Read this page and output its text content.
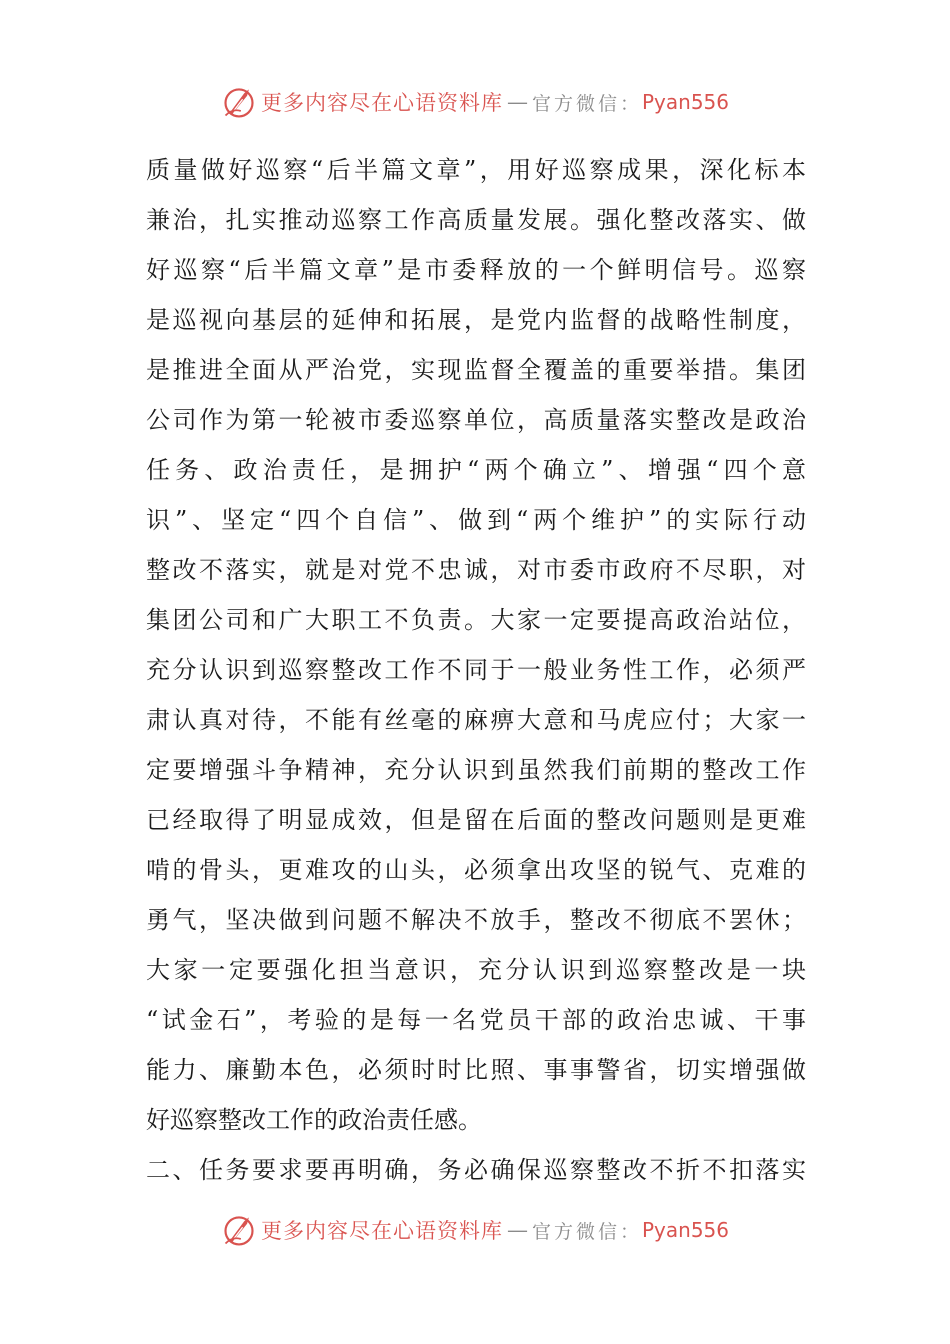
更多内容尽在心语资料库 — 官方微信： Pyan556
质量做好巡察“后半篇文章”，用好巡察成果，深化标本
兼治，扎实推动巡察工作高质量发展。强化整改落实、做
好巡察“后半篇文章”是市委释放的一个鲜明信号。巡察
是巡视向基层的延伸和拓展，是党内监督的战略性制度，
是推进全面从严治党，实现监督全覆盖的重要举措。集团
公司作为第一轮被市委巡察单位，高质量落实整改是政治
任务、政治责任，是拥护“两个确立”、增强“四个意
识”、坚定“四个自信”、做到“两个维护”的实际行动
整改不落实，就是对党不忠诚，对市委市政府不尽职，对
集团公司和广大职工不负责。大家一定要提高政治站位，
充分认识到巡察整改工作不同于一般业务性工作，必须严
肃认真对待，不能有丝毫的麻痹大意和马虎应付；大家一
定要增强斗争精神，充分认识到虽然我们前期的整改工作
已经取得了明显成效，但是留在后面的整改问题则是更难
啃的骨头，更难攻的山头，必须拿出攻坚的锐气、克难的
勇气，坚决做到问题不解决不放手，整改不彻底不罢休；
大家一定要强化担当意识，充分认识到巡察整改是一块
“试金石”，考验的是每一名党员干部的政治忠诚、干事
能力、廉勤本色，必须时时比照、事事警省，切实增强做
好巡察整改工作的政治责任感。
二、任务要求要再明确，务必确保巡察整改不折不扣落实
更多内容尽在心语资料库 — 官方微信： Pyan556
